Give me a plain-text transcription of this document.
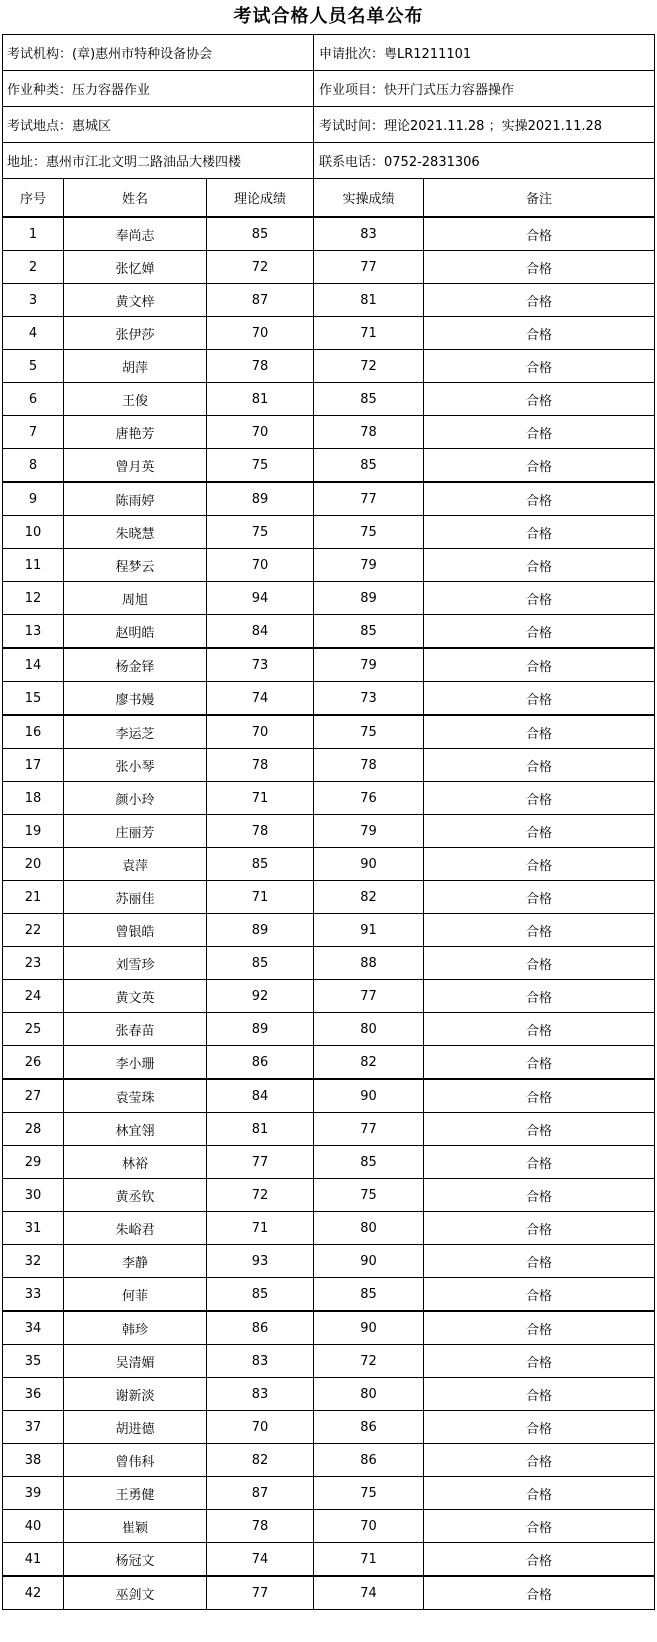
考试合格人员名单公布
考试机构：(章)惠州市特种设备协会			申请批次：粤LR1211101	
作业种类：压力容器作业			作业项目：快开门式压力容器操作	
考试地点：惠城区			考试时间：理论2021.11.28 ；实操2021.11.28	
地址：惠州市江北文明二路油品大楼四楼			联系电话：0752-2831306	
序号	姓名	理论成绩	实操成绩	备注
1	奉尚志	85	83	合格
2	张忆婵	72	77	合格
3	黄文梓	87	81	合格
4	张伊莎	70	71	合格
5	胡萍	78	72	合格
6	王俊	81	85	合格
7	唐艳芳	70	78	合格
8	曾月英	75	85	合格
9	陈雨婷	89	77	合格
10	朱晓慧	75	75	合格
11	程梦云	70	79	合格
12	周旭	94	89	合格
13	赵明皓	84	85	合格
14	杨金铎	73	79	合格
15	廖书嫚	74	73	合格
16	李运芝	70	75	合格
17	张小琴	78	78	合格
18	颜小玲	71	76	合格
19	庄丽芳	78	79	合格
20	袁萍	85	90	合格
21	苏丽佳	71	82	合格
22	曾银皓	89	91	合格
23	刘雪珍	85	88	合格
24	黄文英	92	77	合格
25	张春苗	89	80	合格
26	李小珊	86	82	合格
27	袁莹珠	84	90	合格
28	林宜翎	81	77	合格
29	林裕	77	85	合格
30	黄丞钦	72	75	合格
31	朱峪君	71	80	合格
32	李静	93	90	合格
33	何菲	85	85	合格
34	韩珍	86	90	合格
35	吴清媚	83	72	合格
36	谢新淡	83	80	合格
37	胡进德	70	86	合格
38	曾伟科	82	86	合格
39	王勇健	87	75	合格
40	崔颖	78	70	合格
41	杨冠文	74	71	合格
42	巫剑文	77	74	合格
